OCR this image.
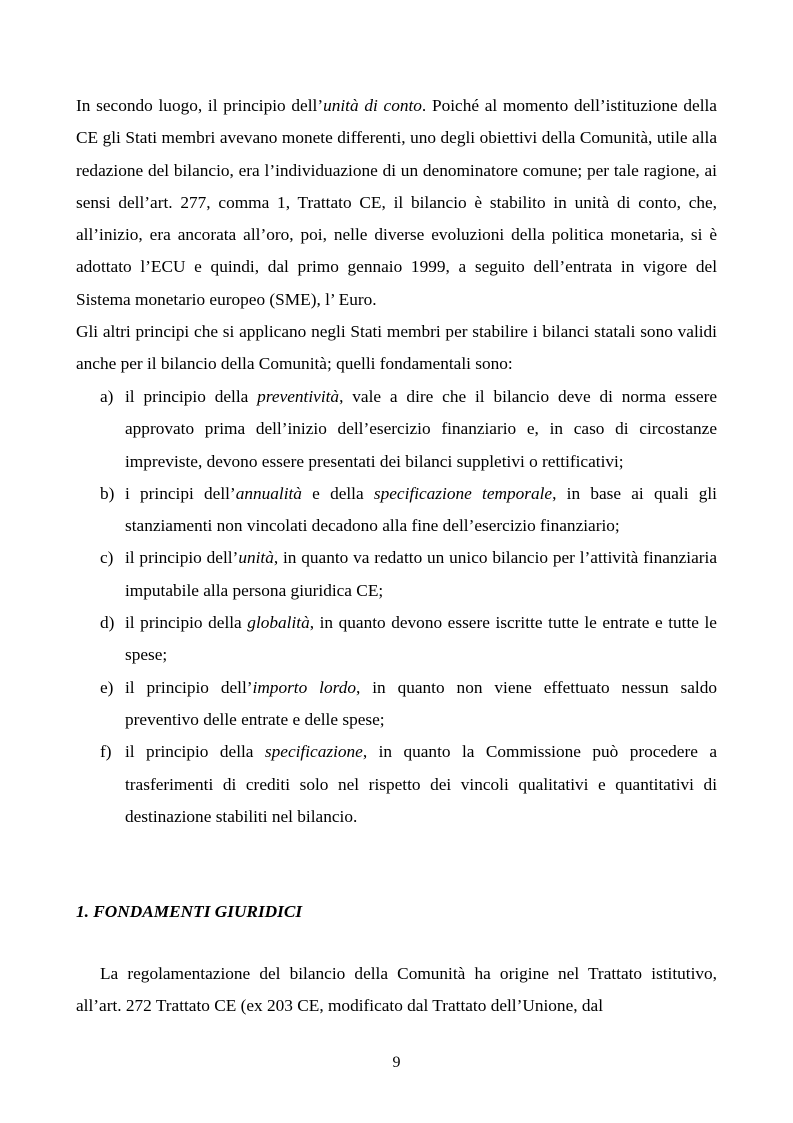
In secondo luogo, il principio dell’unità di conto. Poiché al momento dell’istituzione della CE gli Stati membri avevano monete differenti, uno degli obiettivi della Comunità, utile alla redazione del bilancio, era l’individuazione di un denominatore comune; per tale ragione, ai sensi dell’art. 277, comma 1, Trattato CE, il bilancio è stabilito in unità di conto, che, all’inizio, era ancorata all’oro, poi, nelle diverse evoluzioni della politica monetaria, si è adottato l’ECU e quindi, dal primo gennaio 1999, a seguito dell’entrata in vigore del Sistema monetario europeo (SME), l’ Euro.

Gli altri principi che si applicano negli Stati membri per stabilire i bilanci statali sono validi anche per il bilancio della Comunità; quelli fondamentali sono:

a) il principio della preventività, vale a dire che il bilancio deve di norma essere approvato prima dell’inizio dell’esercizio finanziario e, in caso di circostanze impreviste, devono essere presentati dei bilanci suppletivi o rettificativi;
b) i principi dell’annualità e della specificazione temporale, in base ai quali gli stanziamenti non vincolati decadono alla fine dell’esercizio finanziario;
c) il principio dell’unità, in quanto va redatto un unico bilancio per l’attività finanziaria imputabile alla persona giuridica CE;
d) il principio della globalità, in quanto devono essere iscritte tutte le entrate e tutte le spese;
e) il principio dell’importo lordo, in quanto non viene effettuato nessun saldo preventivo delle entrate e delle spese;
f) il principio della specificazione, in quanto la Commissione può procedere a trasferimenti di crediti solo nel rispetto dei vincoli qualitativi e quantitativi di destinazione stabiliti nel bilancio.
1. FONDAMENTI GIURIDICI

La regolamentazione del bilancio della Comunità ha origine nel Trattato istitutivo, all’art. 272 Trattato CE (ex 203 CE, modificato dal Trattato dell’Unione, dal

9
